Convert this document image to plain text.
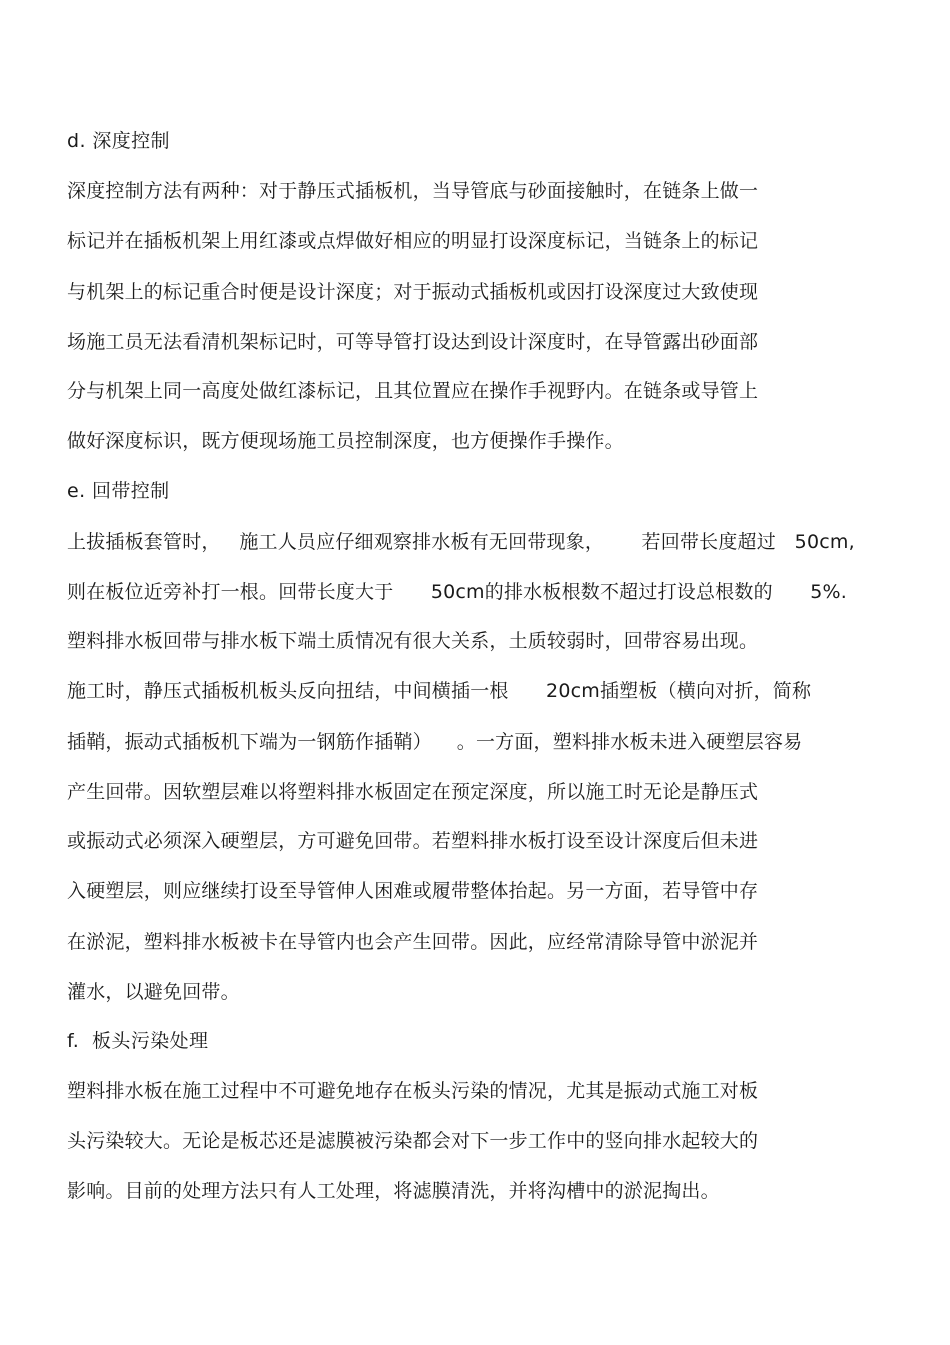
d. 深度控制
深度控制方法有两种：对于静压式插板机，当导管底与砂面接触时，在链条上做一
标记并在插板机架上用红漆或点焊做好相应的明显打设深度标记，当链条上的标记
与机架上的标记重合时便是设计深度；对于振动式插板机或因打设深度过大致使现
场施工员无法看清机架标记时，可等导管打设达到设计深度时，在导管露出砂面部
分与机架上同一高度处做红漆标记，且其位置应在操作手视野内。在链条或导管上
做好深度标识，既方便现场施工员控制深度，也方便操作手操作。
e. 回带控制
上拔插板套管时，   施工人员应仔细观察排水板有无回带现象，      若回带长度超过   50cm,
则在板位近旁补打一根。回带长度大于      50cm的排水板根数不超过打设总根数的      5%.
塑料排水板回带与排水板下端土质情况有很大关系，土质较弱时，回带容易出现。
施工时，静压式插板机板头反向扭结，中间横插一根      20cm插塑板（横向对折，简称
插鞘，振动式插板机下端为一钢筋作插鞘）    。一方面，塑料排水板未进入硬塑层容易
产生回带。因软塑层难以将塑料排水板固定在预定深度，所以施工时无论是静压式
或振动式必须深入硬塑层，方可避免回带。若塑料排水板打设至设计深度后但未进
入硬塑层，则应继续打设至导管伸人困难或履带整体抬起。另一方面，若导管中存
在淤泥，塑料排水板被卡在导管内也会产生回带。因此，应经常清除导管中淤泥并
灌水，以避免回带。
f.  板头污染处理
塑料排水板在施工过程中不可避免地存在板头污染的情况，尤其是振动式施工对板
头污染较大。无论是板芯还是滤膜被污染都会对下一步工作中的竖向排水起较大的
影响。目前的处理方法只有人工处理，将滤膜清洗，并将沟槽中的淤泥掏出。
